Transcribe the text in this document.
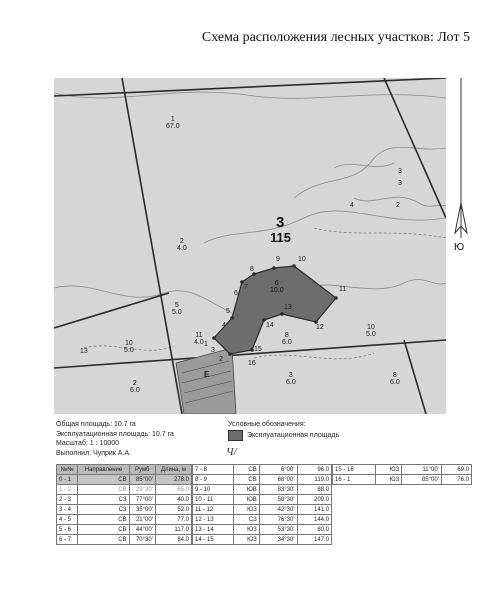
Схема расположения лесных участков: Лот 5
3
115
1
67.0
2
4.0
3
4	2
3
5
5.0
6
10.0
8
6.0
10
5.0
13
10
5.0
2
6.0
3
6.0
8
6.0
11
4.0
E
1
2
3
4
5
6
7
8
9	10
11
12
13
14
15
16
Ю
Общая площадь: 10.7 га
Эксплуатационная площадь: 10.7 га
Масштаб: 1 : 10000
Выполнил: Чуприк А.А.	Ч/
Условные обозначения:
Эксплуатационная площадь
№№	Направление	Румб	Длина, м
0 - 1	СВ	85°00'	278.0
1 - 2	СВ	29°30'	65.0
2 - 3	СЗ	77°00'	40.0
3 - 4	СЗ	35°00'	52.0
4 - 5	СВ	21°00'	77.0
5 - 6	СВ	44°00'	117.0
6 - 7	СВ	70°30'	84.0
7 - 8	СВ	6°00'	96.0
8 - 9	СВ	68°00'	119.0
9 - 10	ЮВ	83°30'	88.0
10 - 11	ЮВ	58°30'	209.0
11 - 12	ЮЗ	42°30'	141.0
12 - 13	СЗ	76°30'	144.0
13 - 14	ЮЗ	53°30'	80.0
14 - 15	ЮЗ	34°30'	147.0
15 - 16	ЮЗ	11°00'	69.0
16 - 1	ЮЗ	85°00'	76.0
